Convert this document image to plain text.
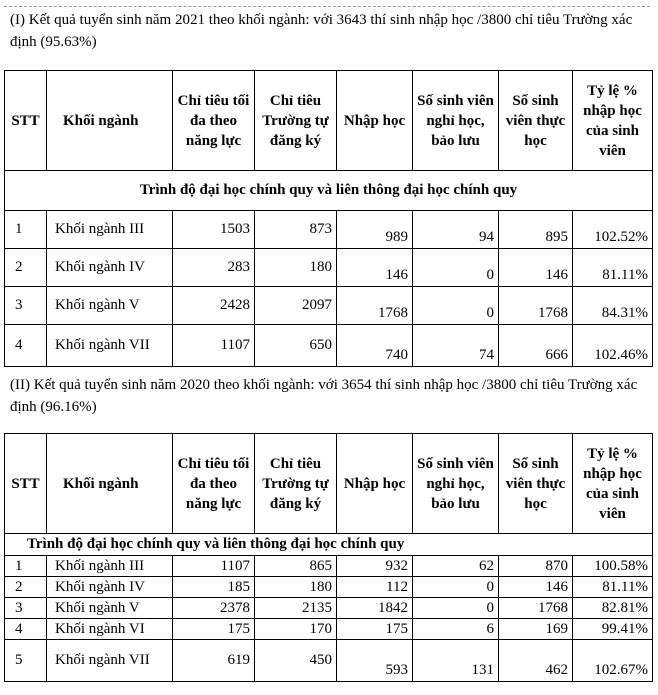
(I) Kết quả tuyển sinh năm 2021 theo khối ngành: với 3643 thí sinh nhập học /3800 chỉ tiêu Trường xác định (95.63%)
STT	Khối ngành	Chỉ tiêu tối đa theo năng lực	Chỉ tiêu Trường tự đăng ký	Nhập học	Số sinh viên nghỉ học, bảo lưu	Số sinh viên thực học	Tỷ lệ % nhập học của sinh viên
Trình độ đại học chính quy và liên thông đại học chính quy							
1	Khối ngành III	1503	873	989	94	895	102.52%
2	Khối ngành IV	283	180	146	0	146	81.11%
3	Khối ngành V	2428	2097	1768	0	1768	84.31%
4	Khối ngành VII	1107	650	740	74	666	102.46%
(II) Kết quả tuyển sinh năm 2020 theo khối ngành: với 3654 thí sinh nhập học /3800 chỉ tiêu Trường xác định (96.16%)
STT	Khối ngành	Chỉ tiêu tối đa theo năng lực	Chỉ tiêu Trường tự đăng ký	Nhập học	Số sinh viên nghỉ học, bảo lưu	Số sinh viên thực học	Tỷ lệ % nhập học của sinh viên
Trình độ đại học chính quy và liên thông đại học chính quy							
1	Khối ngành III	1107	865	932	62	870	100.58%
2	Khối ngành IV	185	180	112	0	146	81.11%
3	Khối ngành V	2378	2135	1842	0	1768	82.81%
4	Khối ngành VI	175	170	175	6	169	99.41%
5	Khối ngành VII	619	450	593	131	462	102.67%
